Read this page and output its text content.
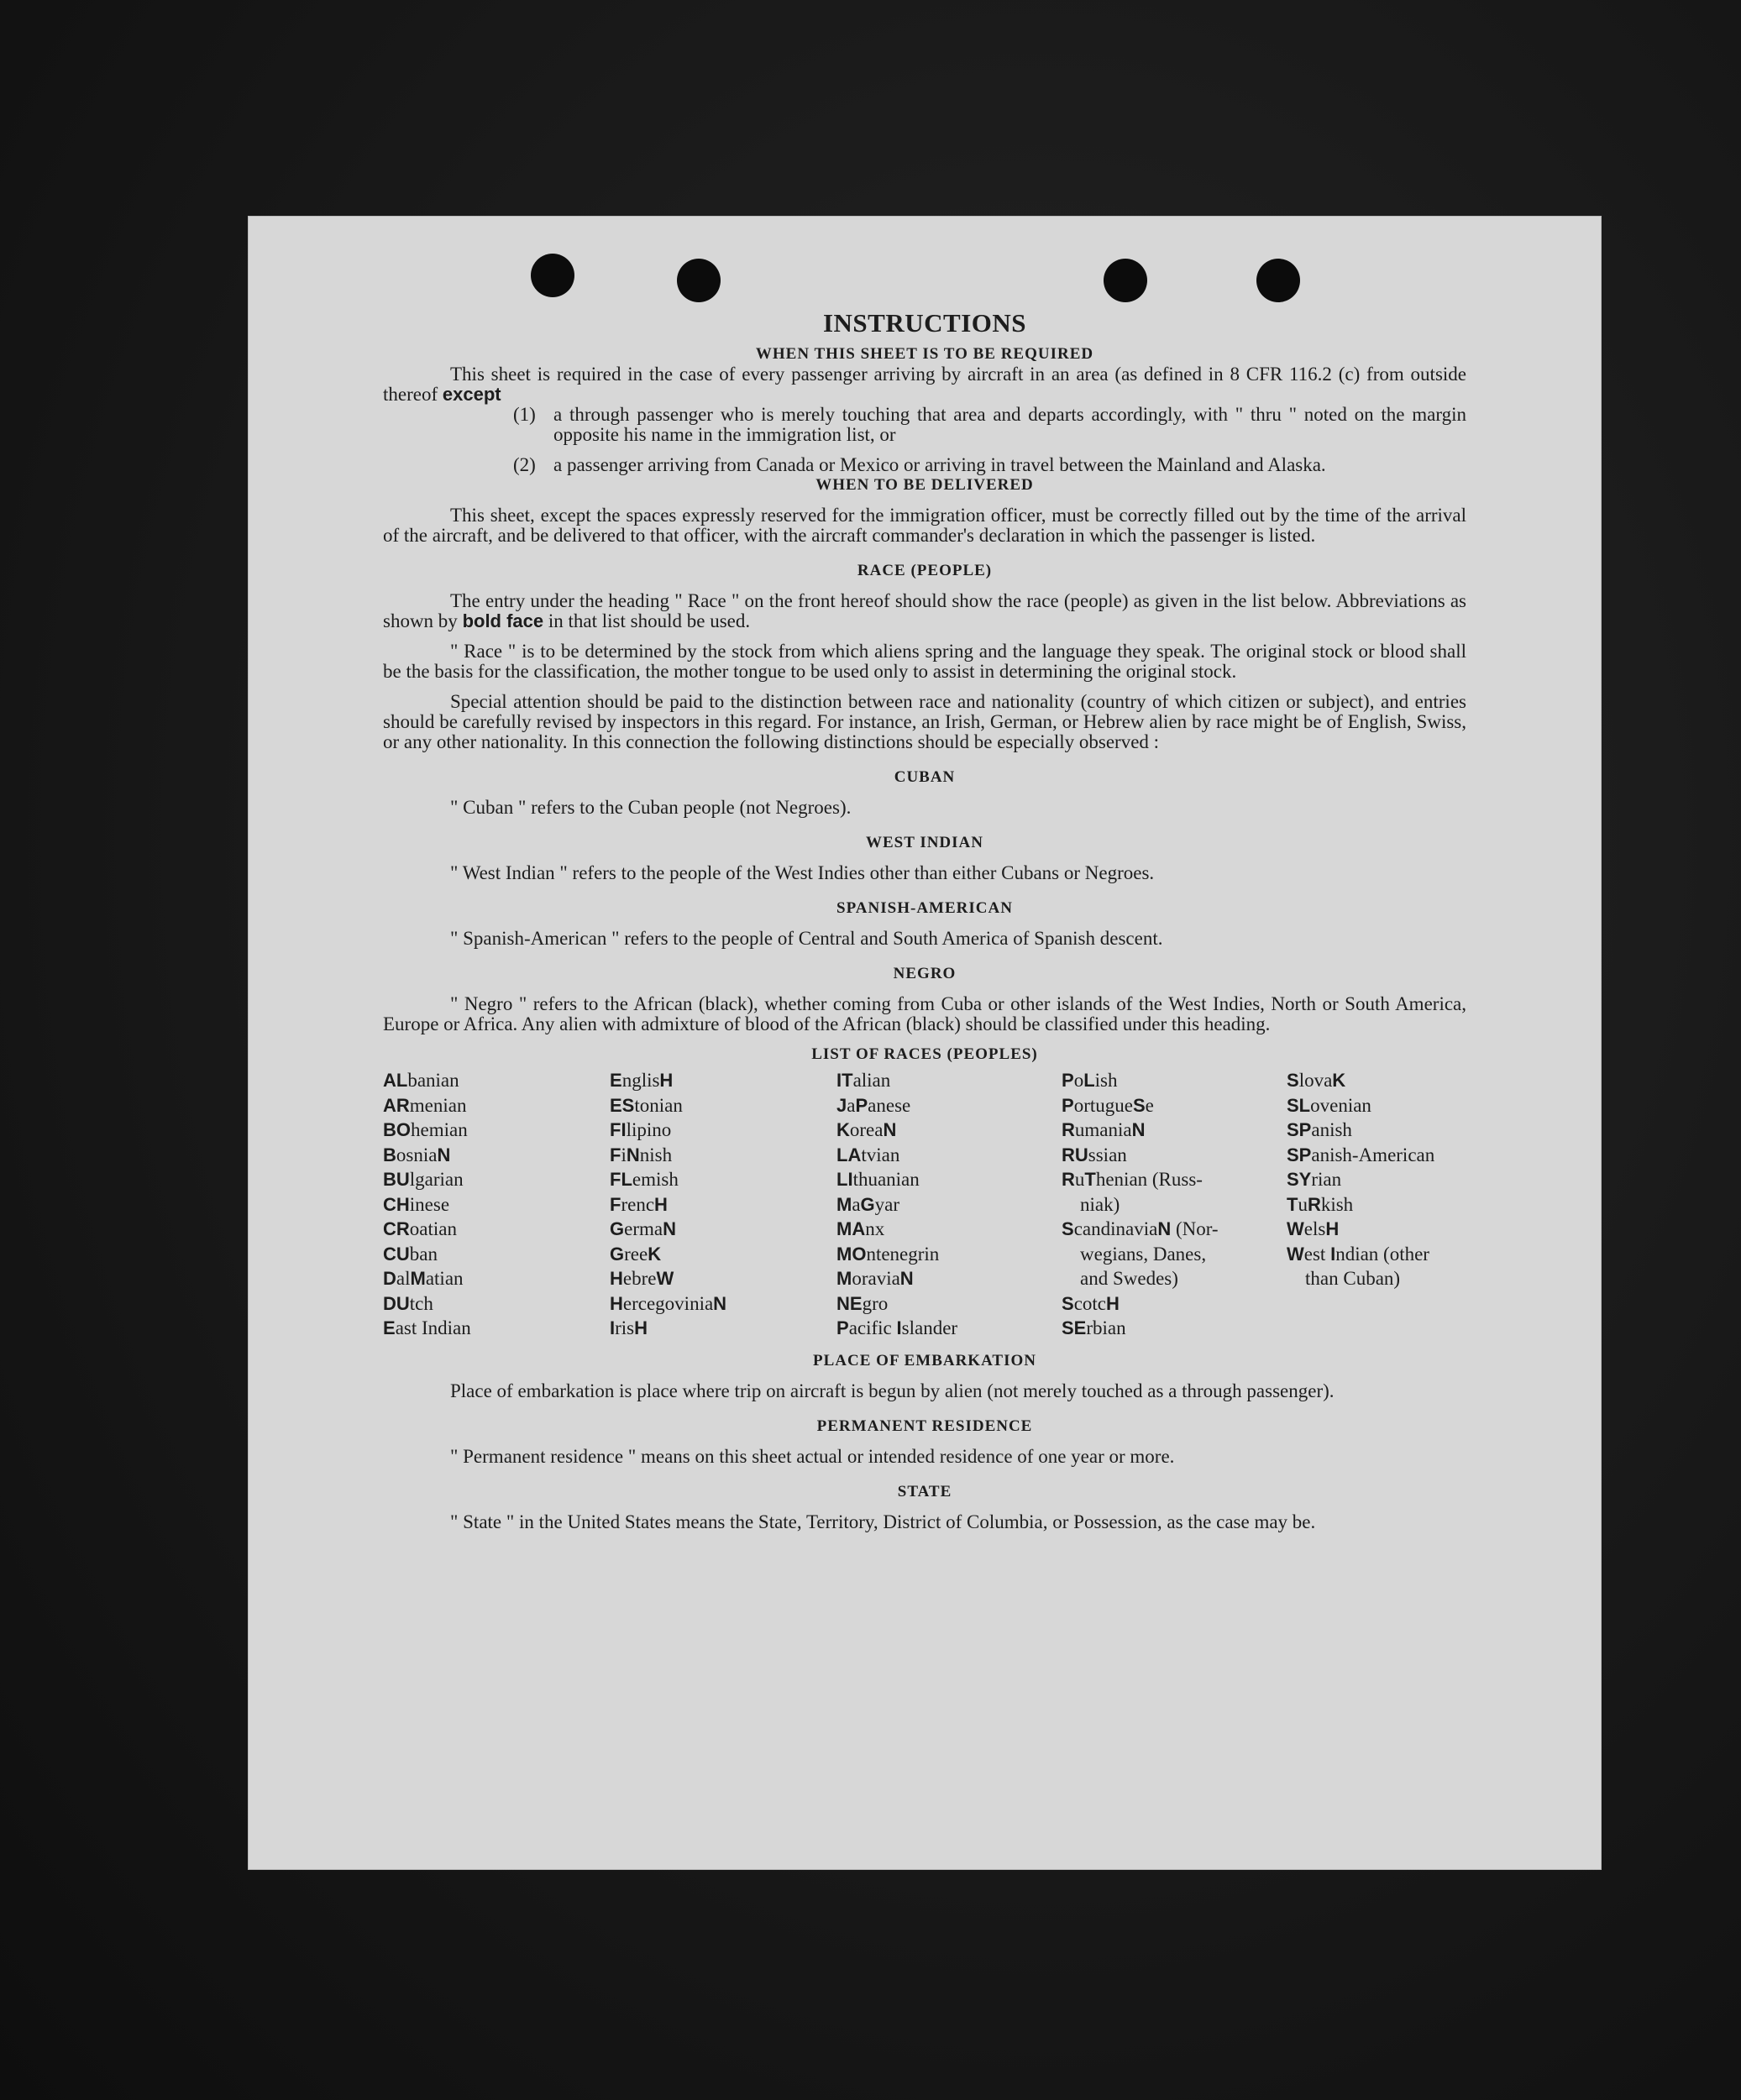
INSTRUCTIONS
WHEN THIS SHEET IS TO BE REQUIRED

This sheet is required in the case of every passenger arriving by aircraft in an area (as defined in 8 CFR 116.2 (c) from outside thereof except

(1) a through passenger who is merely touching that area and departs accordingly, with " thru " noted on the margin opposite his name in the immigration list, or
(2) a passenger arriving from Canada or Mexico or arriving in travel between the Mainland and Alaska.
WHEN TO BE DELIVERED

This sheet, except the spaces expressly reserved for the immigration officer, must be correctly filled out by the time of the arrival of the aircraft, and be delivered to that officer, with the aircraft commander's declaration in which the passenger is listed.

RACE (PEOPLE)

The entry under the heading " Race " on the front hereof should show the race (people) as given in the list below. Abbreviations as shown by bold face in that list should be used.

" Race " is to be determined by the stock from which aliens spring and the language they speak. The original stock or blood shall be the basis for the classification, the mother tongue to be used only to assist in determining the original stock.

Special attention should be paid to the distinction between race and nationality (country of which citizen or subject), and entries should be carefully revised by inspectors in this regard. For instance, an Irish, German, or Hebrew alien by race might be of English, Swiss, or any other nationality. In this connection the following distinctions should be especially observed :

CUBAN

" Cuban " refers to the Cuban people (not Negroes).

WEST INDIAN

" West Indian " refers to the people of the West Indies other than either Cubans or Negroes.

SPANISH-AMERICAN

" Spanish-American " refers to the people of Central and South America of Spanish descent.

NEGRO

" Negro " refers to the African (black), whether coming from Cuba or other islands of the West Indies, North or South America, Europe or Africa. Any alien with admixture of blood of the African (black) should be classified under this heading.

LIST OF RACES (PEOPLES)
ALbanian
ARmenian
BOhemian
BosniaN
BUlgarian
CHinese
CRoatian
CUban
DalMatian
DUtch
East Indian
EnglisH
EStonian
FIlipino
FiNnish
FLemish
FrencH
GermaN
GreeK
HebreW
HercegoviniaN
IrisH
ITalian
JaPanese
KoreaN
LAtvian
LIthuanian
MaGyar
MAnx
MOntenegrin
MoraviaN
NEgro
Pacific Islander
PoLish
PortugueSe
RumaniaN
RUssian
RuThenian (Russ-
niak)
ScandinaviaN (Nor-
wegians, Danes,
and Swedes)
ScotcH
SErbian
SlovaK
SLovenian
SPanish
SPanish-American
SYrian
TuRkish
WelsH
West Indian (other
than Cuban)
PLACE OF EMBARKATION

Place of embarkation is place where trip on aircraft is begun by alien (not merely touched as a through passenger).

PERMANENT RESIDENCE

" Permanent residence " means on this sheet actual or intended residence of one year or more.

STATE

" State " in the United States means the State, Territory, District of Columbia, or Possession, as the case may be.
